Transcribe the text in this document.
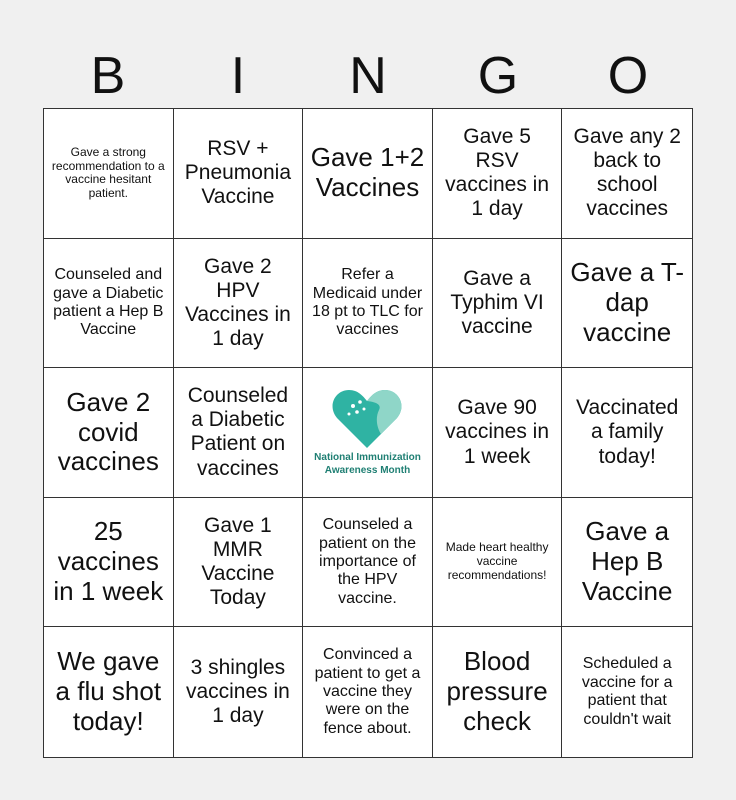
B	I	N	G	O
Gave a strong recommendation to a vaccine hesitant patient.
RSV + Pneumonia Vaccine
Gave 1+2 Vaccines
Gave 5 RSV vaccines in 1 day
Gave any 2 back to school vaccines
Counseled and gave a Diabetic patient a Hep B Vaccine
Gave 2 HPV Vaccines in 1 day
Refer a Medicaid under 18 pt to TLC for vaccines
Gave a Typhim VI vaccine
Gave a T-dap vaccine
Gave 2 covid vaccines
Counseled a Diabetic Patient on vaccines	National Immunization
Awareness Month
Gave 90 vaccines in 1 week
Vaccinated a family today!
25 vaccines in 1 week
Gave 1 MMR Vaccine Today
Counseled a patient on the importance of the HPV vaccine.
Made heart healthy vaccine recommendations!
Gave a Hep B Vaccine
We gave a flu shot today!
3 shingles vaccines in 1 day
Convinced a patient to get a vaccine they were on the fence about.
Blood pressure check
Scheduled a vaccine for a patient that couldn't wait
